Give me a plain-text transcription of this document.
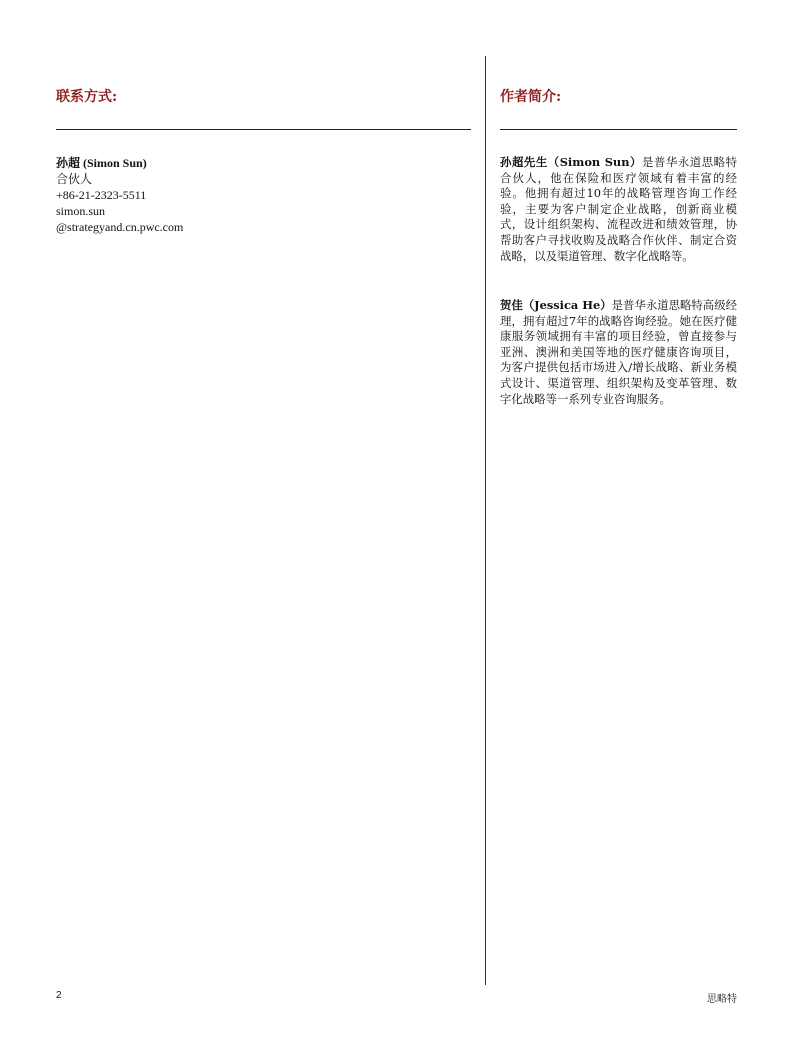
联系方式:	作者简介:
孙超 (Simon Sun)
合伙人
+86-21-2323-5511
simon.sun
@strategyand.cn.pwc.com

孙超先生（Simon Sun）是普华永道思略特合伙人，他在保险和医疗领域有着丰富的经验。他拥有超过10年的战略管理咨询工作经验，主要为客户制定企业战略，创新商业模式，设计组织架构、流程改进和绩效管理，协帮助客户寻找收购及战略合作伙伴、制定合资战略，以及渠道管理、数字化战略等。

贺佳（Jessica He）是普华永道思略特高级经理，拥有超过7年的战略咨询经验。她在医疗健康服务领域拥有丰富的项目经验，曾直接参与亚洲、澳洲和美国等地的医疗健康咨询项目，为客户提供包括市场进入/增长战略、新业务模式设计、渠道管理、组织架构及变革管理、数字化战略等一系列专业咨询服务。

2	思略特
